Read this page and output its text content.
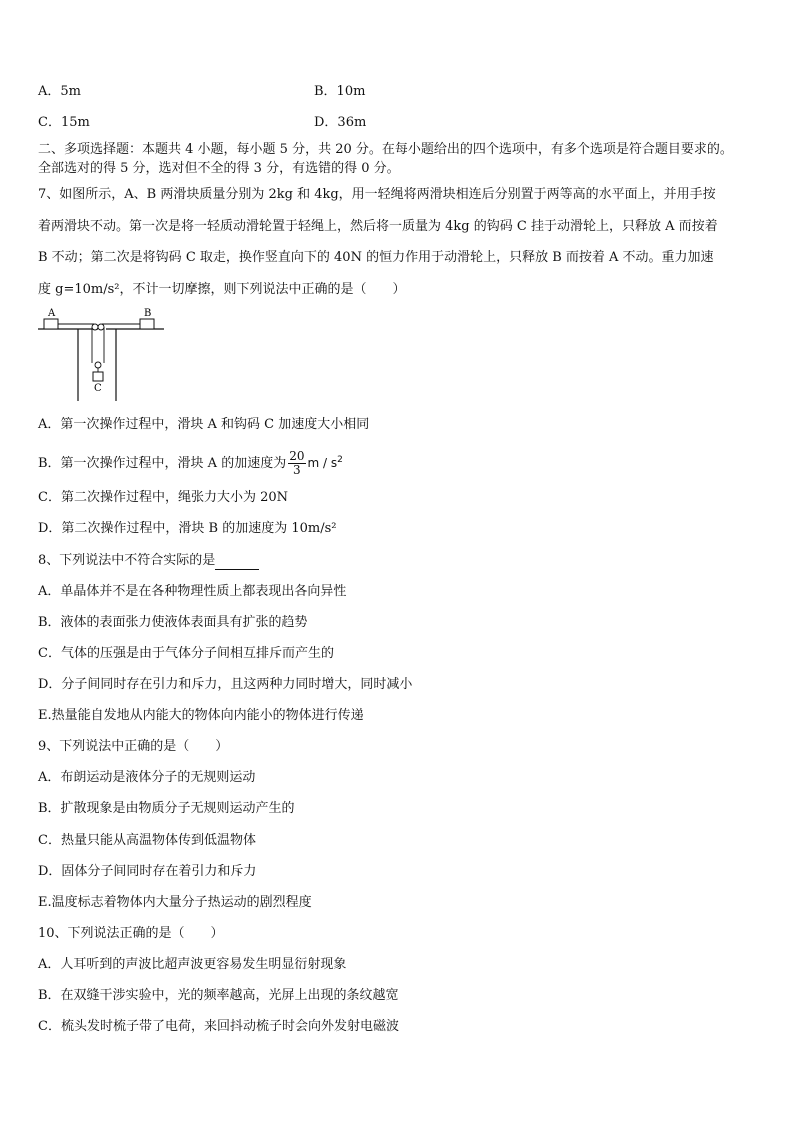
A．5m	B．10m
C．15m	D．36m
二、多项选择题：本题共 4 小题，每小题 5 分，共 20 分。在每小题给出的四个选项中，有多个选项是符合题目要求的。
全部选对的得 5 分，选对但不全的得 3 分，有选错的得 0 分。
7、如图所示，A、B 两滑块质量分别为 2kg 和 4kg，用一轻绳将两滑块相连后分别置于两等高的水平面上，并用手按
着两滑块不动。第一次是将一轻质动滑轮置于轻绳上，然后将一质量为 4kg 的钩码 C 挂于动滑轮上，只释放 A 而按着
B 不动；第二次是将钩码 C 取走，换作竖直向下的 40N 的恒力作用于动滑轮上，只释放 B 而按着 A 不动。重力加速
度 g=10m/s²，不计一切摩擦，则下列说法中正确的是（　　）
A	B
C
A．第一次操作过程中，滑块 A 和钩码 C 加速度大小相同
B．第一次操作过程中，滑块 A 的加速度为 $\frac{20}{3}$ m / $s^2$
C．第二次操作过程中，绳张力大小为 20N
D．第二次操作过程中，滑块 B 的加速度为 10m/s²
8、下列说法中不符合实际的是
A．单晶体并不是在各种物理性质上都表现出各向异性
B．液体的表面张力使液体表面具有扩张的趋势
C．气体的压强是由于气体分子间相互排斥而产生的
D．分子间同时存在引力和斥力，且这两种力同时增大，同时减小
E.热量能自发地从内能大的物体向内能小的物体进行传递
9、下列说法中正确的是（　　）
A．布朗运动是液体分子的无规则运动
B．扩散现象是由物质分子无规则运动产生的
C．热量只能从高温物体传到低温物体
D．固体分子间同时存在着引力和斥力
E.温度标志着物体内大量分子热运动的剧烈程度
10、下列说法正确的是（　　）
A．人耳听到的声波比超声波更容易发生明显衍射现象
B．在双缝干涉实验中，光的频率越高，光屏上出现的条纹越宽
C．梳头发时梳子带了电荷，来回抖动梳子时会向外发射电磁波
